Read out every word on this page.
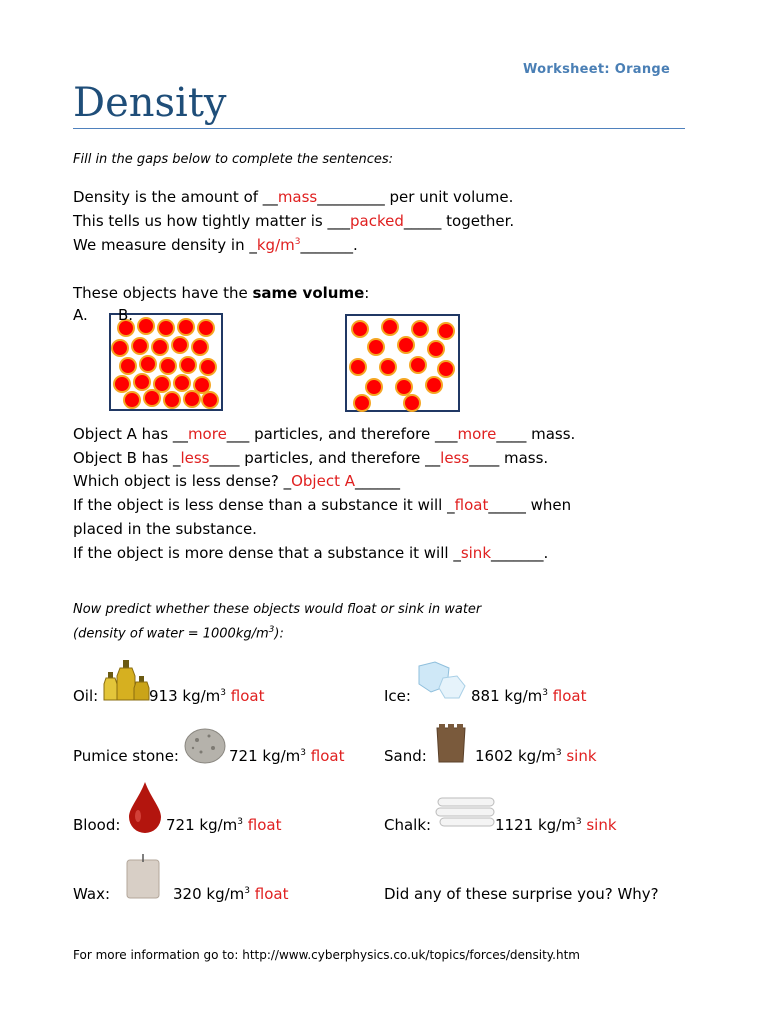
Worksheet: Orange
Density
Fill in the gaps below to complete the sentences:
Density is the amount of __mass_________ per unit volume.
This tells us how tightly matter is ___packed_____ together.
We measure density in $\_kg/m^3\_\_\_\_\_\_\_$.
These objects have the same volume:
A. B.
Object A has __more___ particles, and therefore ___more____ mass.
Object B has _less____ particles, and therefore __less____ mass.
Which object is less dense? _Object A______
If the object is less dense than a substance it will _float_____ when
placed in the substance.
If the object is more dense that a substance it will _sink_______.
Now predict whether these objects would float or sink in water
(density of water = $1000kg/m^3$):
Oil:	913 $kg/m^3$ float	Ice:	881 $kg/m^3$ float
Pumice stone:	721 $kg/m^3$ float	Sand:	1602 $kg/m^3$ sink
Blood:	721 $kg/m^3$ float	Chalk:	1121 $kg/m^3$ sink
Wax:	320 $kg/m^3$ float	Did any of these surprise you? Why?
For more information go to: http://www.cyberphysics.co.uk/topics/forces/density.htm
